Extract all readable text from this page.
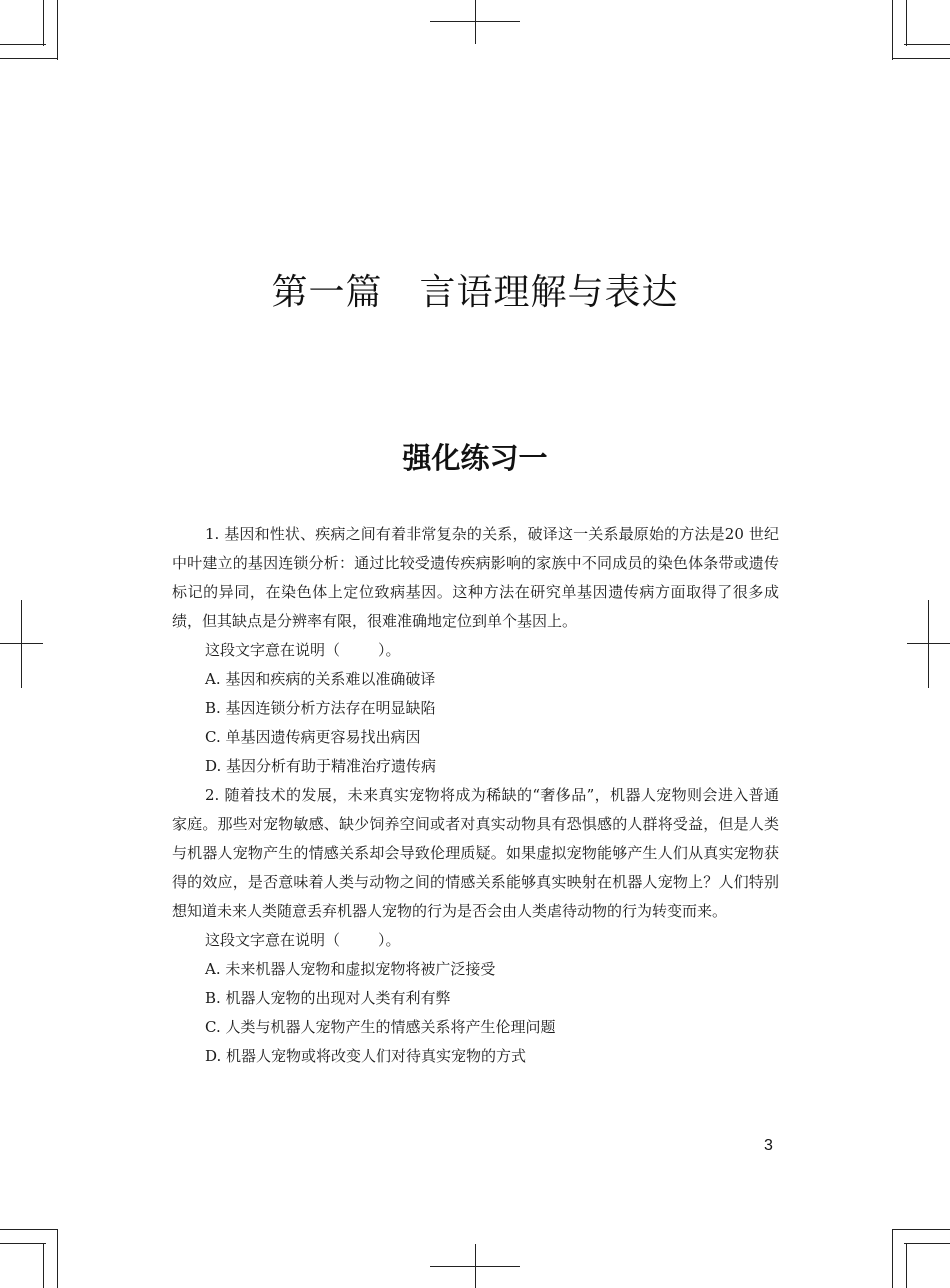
第一篇　言语理解与表达
强化练习一

1. 基因和性状、疾病之间有着非常复杂的关系，破译这一关系最原始的方法是20 世纪中叶建立的基因连锁分析：通过比较受遗传疾病影响的家族中不同成员的染色体条带或遗传标记的异同，在染色体上定位致病基因。这种方法在研究单基因遗传病方面取得了很多成绩，但其缺点是分辨率有限，很难准确地定位到单个基因上。

这段文字意在说明（	）。

A. 基因和疾病的关系难以准确破译

B. 基因连锁分析方法存在明显缺陷

C. 单基因遗传病更容易找出病因

D. 基因分析有助于精准治疗遗传病

2. 随着技术的发展，未来真实宠物将成为稀缺的“奢侈品”，机器人宠物则会进入普通家庭。那些对宠物敏感、缺少饲养空间或者对真实动物具有恐惧感的人群将受益，但是人类与机器人宠物产生的情感关系却会导致伦理质疑。如果虚拟宠物能够产生人们从真实宠物获得的效应，是否意味着人类与动物之间的情感关系能够真实映射在机器人宠物上？人们特别想知道未来人类随意丢弃机器人宠物的行为是否会由人类虐待动物的行为转变而来。

这段文字意在说明（	）。

A. 未来机器人宠物和虚拟宠物将被广泛接受

B. 机器人宠物的出现对人类有利有弊

C. 人类与机器人宠物产生的情感关系将产生伦理问题

D. 机器人宠物或将改变人们对待真实宠物的方式

3
